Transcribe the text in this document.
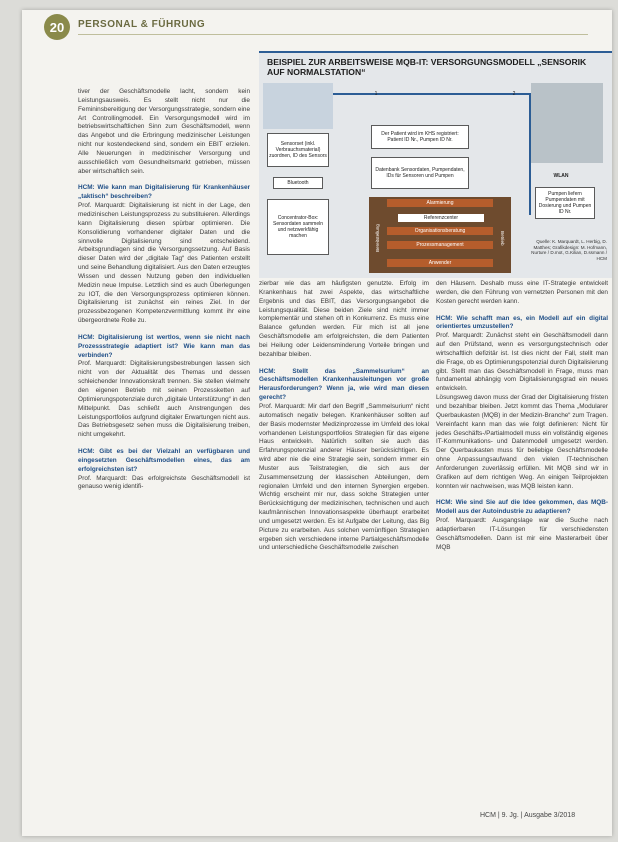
20	PERSONAL & FÜHRUNG

tiver der Geschäftsmodelle lacht, sondern kein Leistungsausweis. Es stellt nicht nur die Femininsbereitigung der Versorgungsstrategie, sondern eine Art Controllingmodell. Ein Versorgungsmodell wird im betriebswirtschaftlichen Sinn zum Geschäftsmodell, wenn das Angebot und die Erbringung medizinischer Leistungen nicht nur kostendeckend sind, sondern ein EBIT erzielen. Alle Neuerungen in medizinischer Versorgung und ausschließlich vom Gesundheitsmarkt getrieben, müssen aber wirtschaftlich sein.

HCM: Wie kann man Digitalisierung für Krankenhäuser „taktisch“ beschreiben?

Prof. Marquardt: Digitalisierung ist nicht in der Lage, den medizinischen Leistungsprozess zu substituieren. Allerdings kann Digitalisierung diesen spürbar optimieren. Die Konsolidierung vorhandener digitaler Daten und die sinnvolle Digitalisierung sind entscheidend. Arbeitsgrundlagen sind die Versorgungssetzung. Auf Basis dieser Daten wird der „digitale Tag“ des Patienten erstellt und seine Behandlung digitalisiert. Aus den Daten erzeugtes Wissen und dessen Nutzung geben den individuellen Medizin neue Impulse. Letztlich sind es auch Überlegungen zu IOT, die den Versorgungsprozess optimieren können. Digitalisierung ist zunächst ein reines Ziel. In der prozessbezogenen Kompetenzvermittlung kommt ihr eine übergeordnete Rolle zu.

HCM: Digitalisierung ist wertlos, wenn sie nicht nach Prozessstrategie adaptiert ist? Wie kann man das verbinden?

Prof. Marquardt: Digitalisierungsbestrebungen lassen sich nicht von der Aktualität des Themas und dessen schleichender Innovationskraft trennen. Sie stellen vielmehr den eigenen Betrieb mit seinen Prozessketten auf Optimierungspotenziale durch „digitale Unterstützung“ in den Mittelpunkt. Das schließt auch Anstrengungen des Leistungsportfolios aufgrund digitaler Erwartungen nicht aus. Das Betriebsgesetz sehen muss die Digitalisierung treiben, nicht umgekehrt.

HCM: Gibt es bei der Vielzahl an verfügbaren und eingesetzten Geschäftsmodellen eines, das am erfolgreichsten ist?

Prof. Marquardt: Das erfolgreichste Geschäftsmodell ist genauso wenig identifi-

BEISPIEL ZUR ARBEITSWEISE MQB-IT: VERSORGUNGSMODELL „SENSORIK AUF NORMALSTATION“
Sensorset (inkl. Verbrauchsmaterial) zuordnen, ID des Sensors
Bluetooth
Concentrator-Box: Sensordaten sammeln und netzwerkfähig machen
Der Patient wird im KHS registriert: Patient ID Nr., Pumpen ID Nr.
Datenbank Sensordaten, Pumpendaten, IDs für Sensoren und Pumpen	WLAN
Pumpen liefern Pumpendaten mit Dosierung und Pumpen ID Nr.
1	2
Bereitstellung	Betrieb
Alarmierung
Referenzcenter
Organisationsberatung
Prozessmanagement
Anwender
Quelle: K. Marquardt, L. Herbig, D. Matthes; Grafikdesign: M. Hofmann, Nurture / D.mot, G.Kilian, D.ssmann / HCM

zierbar wie das am häufigsten genutzte. Erfolg im Krankenhaus hat zwei Aspekte, das wirtschaftliche Ergebnis und das EBIT, das Versorgungsangebot die Leistungsqualität. Diese beiden Ziele sind nicht immer komplementär und stehen oft in Konkurrenz. Es muss eine Balance gefunden werden. Für mich ist all jene Geschäftsmodelle am erfolgreichsten, die dem Patienten bei Heilung oder Leidensminderung Vorteile bringen und bezahlbar bleiben.

HCM: Stellt das „Sammelsurium“ an Geschäftsmodellen Krankenhausleitungen vor große Herausforderungen? Wenn ja, wie wird man diesen gerecht?

Prof. Marquardt: Mir darf den Begriff „Sammelsurium“ nicht automatisch negativ belegen. Krankenhäuser sollten auf der Basis modernster Medizinprozesse im Umfeld des lokal vorhandenen Leistungsportfolios Strategien für das eigene Haus entwickeln. Natürlich sollten sie auch das Erfahrungspotenzial anderer Häuser berücksichtigen. Es wird aber nie die eine Strategie sein, sondern immer ein Muster aus Teilstrategien, die sich aus der Zusammensetzung der klassischen Abteilungen, dem regionalen Umfeld und den internen Synergien ergeben. Wichtig erscheint mir nur, dass solche Strategien unter Berücksichtigung der medizinischen, technischen und auch kaufmännischen Innovationsaspekte überhaupt erarbeitet und umgesetzt werden. Es ist Aufgabe der Leitung, das Big Picture zu erarbeiten. Aus solchen vernünftigen Strategien ergeben sich verschiedene interne Partialgeschäftsmodelle und unterschiedliche Geschäftsmodelle zwischen

den Häusern. Deshalb muss eine IT-Strategie entwickelt werden, die den Führung von vernetzten Personen mit den Kosten gerecht werden kann.

HCM: Wie schafft man es, ein Modell auf ein digital orientiertes umzustellen?

Prof. Marquardt: Zunächst steht ein Geschäftsmodell dann auf den Prüfstand, wenn es versorgungstechnisch oder wirtschaftlich defizitär ist. Ist dies nicht der Fall, stellt man die Frage, ob es Optimierungspotenzial durch Digitalisierung gibt. Stellt man das Geschäftsmodell in Frage, muss man fundamental abhängig vom Digitalisierungsgrad ein neues entwickeln.

Lösungsweg davon muss der Grad der Digitalisierung fristen und bezahlbar bleiben. Jetzt kommt das Thema „Modularer Querbaukasten (MQB) in der Medizin-Branche“ zum Tragen. Vereinfacht kann man das wie folgt definieren: Nicht für jedes Geschäfts-/Partialmodell muss ein vollständig eigenes IT-Kommunikations- und Datenmodell umgesetzt werden. Der Querbaukasten muss für beliebige Geschäftsmodelle ohne Anpassungsaufwand den vielen IT-technischen Anforderungen zuverlässig erfüllen. Mit MQB sind wir in Grafiken auf dem richtigen Weg. An einigen Teilprojekten konnten wir nachweisen, was MQB leisten kann.

HCM: Wie sind Sie auf die Idee gekommen, das MQB-Modell aus der Autoindustrie zu adaptieren?

Prof. Marquardt: Ausgangslage war die Suche nach adaptierbaren IT-Lösungen für verschiedensten Geschäftsmodellen. Dann ist mir eine Masterarbeit über MQB

HCM | 9. Jg. | Ausgabe 3/2018
